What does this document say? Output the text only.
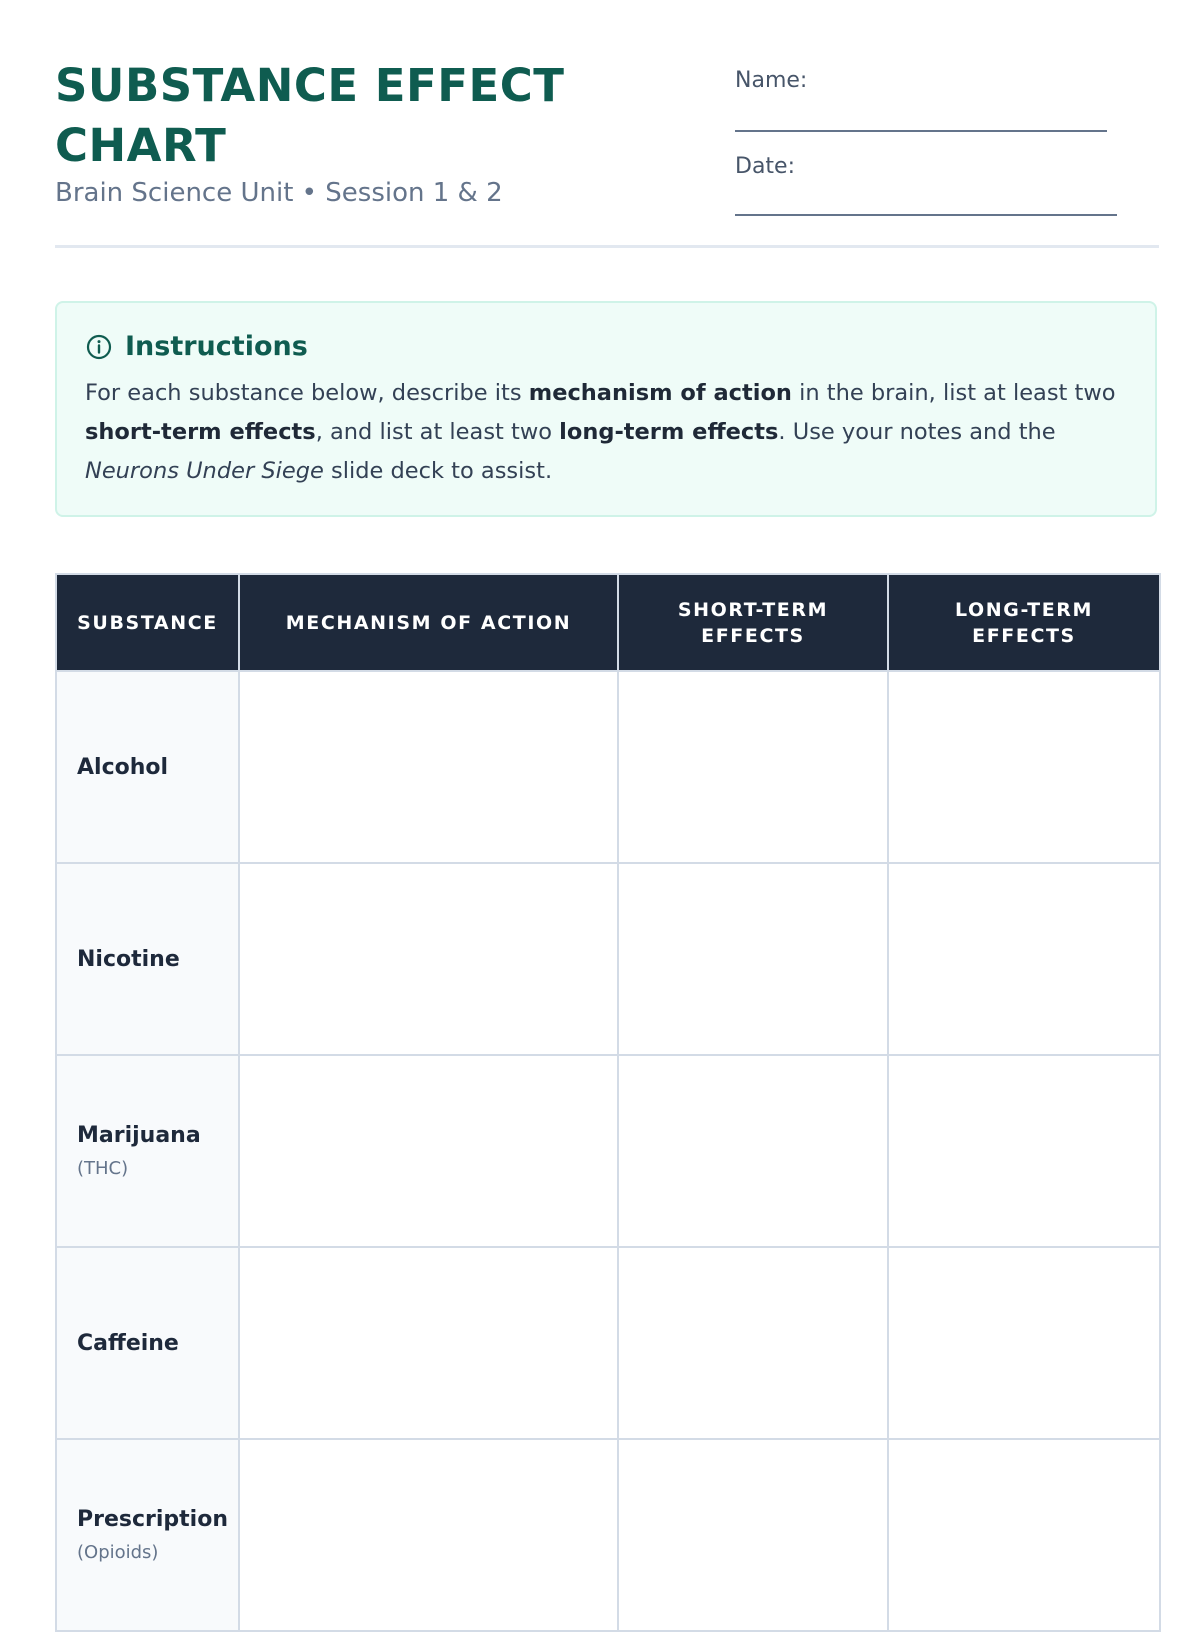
SUBSTANCE EFFECT CHART
Brain Science Unit • Session 1 & 2
Name:
Date:
Instructions
For each substance below, describe its mechanism of action in the brain, list at least two short-term effects, and list at least two long-term effects. Use your notes and the Neurons Under Siege slide deck to assist.
SUBSTANCE	MECHANISM OF ACTION	SHORT-TERM EFFECTS	LONG-TERM EFFECTS

Alcohol			

Nicotine			

Marijuana
(THC)			

Caffeine			

Prescription
(Opioids)			
